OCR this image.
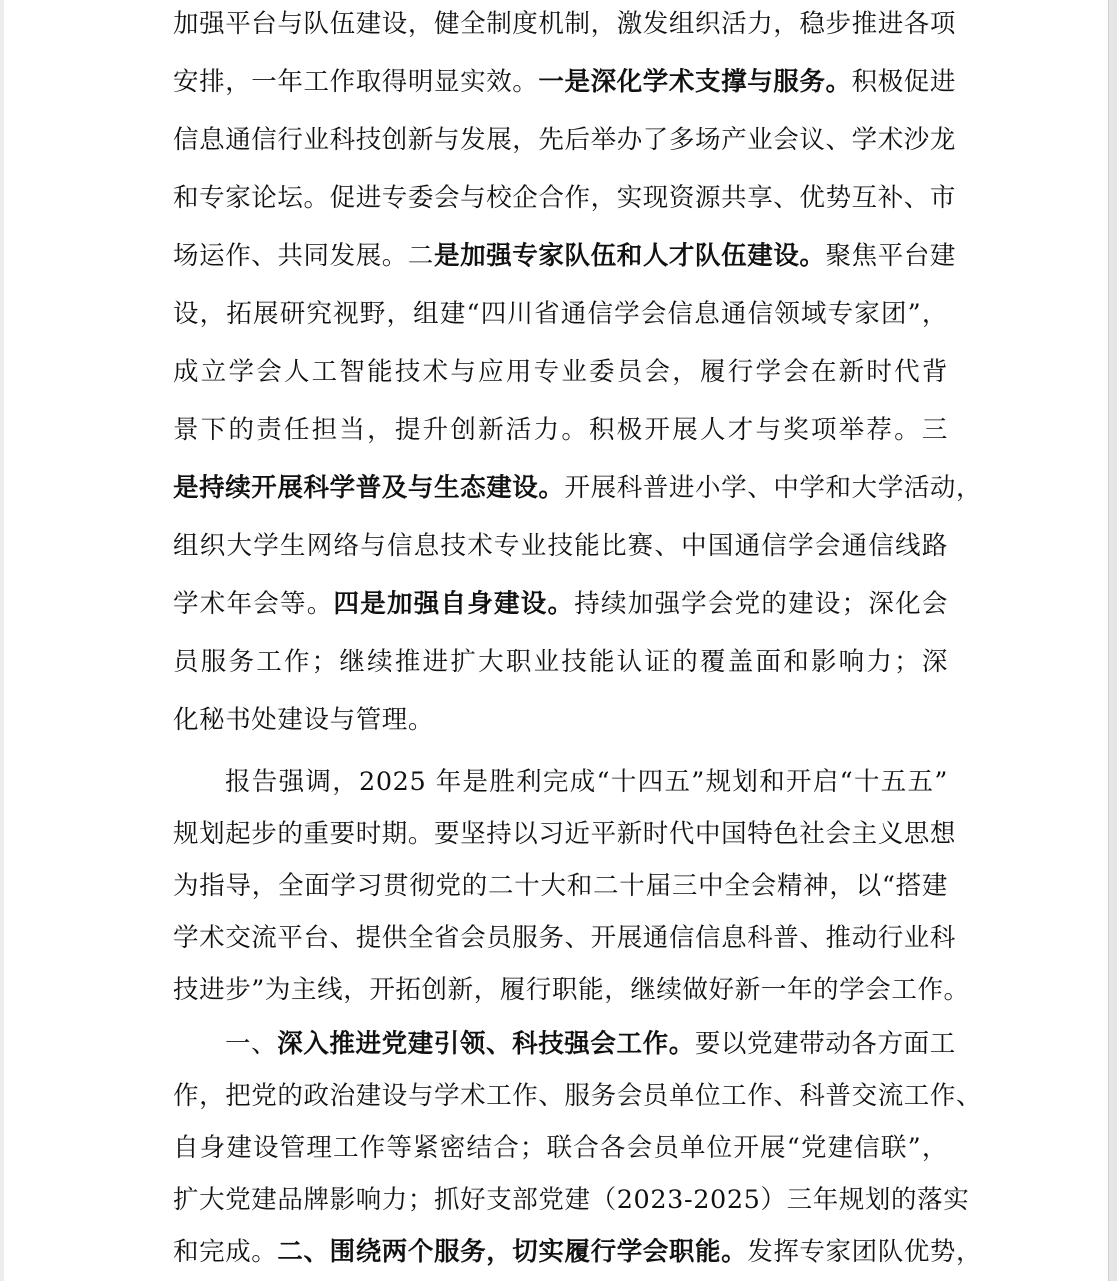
加强平台与队伍建设，健全制度机制，激发组织活力，稳步推进各项
安排，一年工作取得明显实效。一是深化学术支撑与服务。积极促进
信息通信行业科技创新与发展，先后举办了多场产业会议、学术沙龙
和专家论坛。促进专委会与校企合作，实现资源共享、优势互补、市
场运作、共同发展。二是加强专家队伍和人才队伍建设。聚焦平台建
设，拓展研究视野，组建“四川省通信学会信息通信领域专家团”，
成立学会人工智能技术与应用专业委员会，履行学会在新时代背
景下的责任担当，提升创新活力。积极开展人才与奖项举荐。三
是持续开展科学普及与生态建设。开展科普进小学、中学和大学活动，
组织大学生网络与信息技术专业技能比赛、中国通信学会通信线路
学术年会等。四是加强自身建设。持续加强学会党的建设；深化会
员服务工作；继续推进扩大职业技能认证的覆盖面和影响力；深
化秘书处建设与管理。
报告强调，2025 年是胜利完成“十四五”规划和开启“十五五”
规划起步的重要时期。要坚持以习近平新时代中国特色社会主义思想
为指导，全面学习贯彻党的二十大和二十届三中全会精神，以“搭建
学术交流平台、提供全省会员服务、开展通信信息科普、推动行业科
技进步”为主线，开拓创新，履行职能，继续做好新一年的学会工作。
一、深入推进党建引领、科技强会工作。要以党建带动各方面工
作，把党的政治建设与学术工作、服务会员单位工作、科普交流工作、
自身建设管理工作等紧密结合；联合各会员单位开展“党建信联”，
扩大党建品牌影响力；抓好支部党建（2023-2025）三年规划的落实
和完成。二、围绕两个服务，切实履行学会职能。发挥专家团队优势，
